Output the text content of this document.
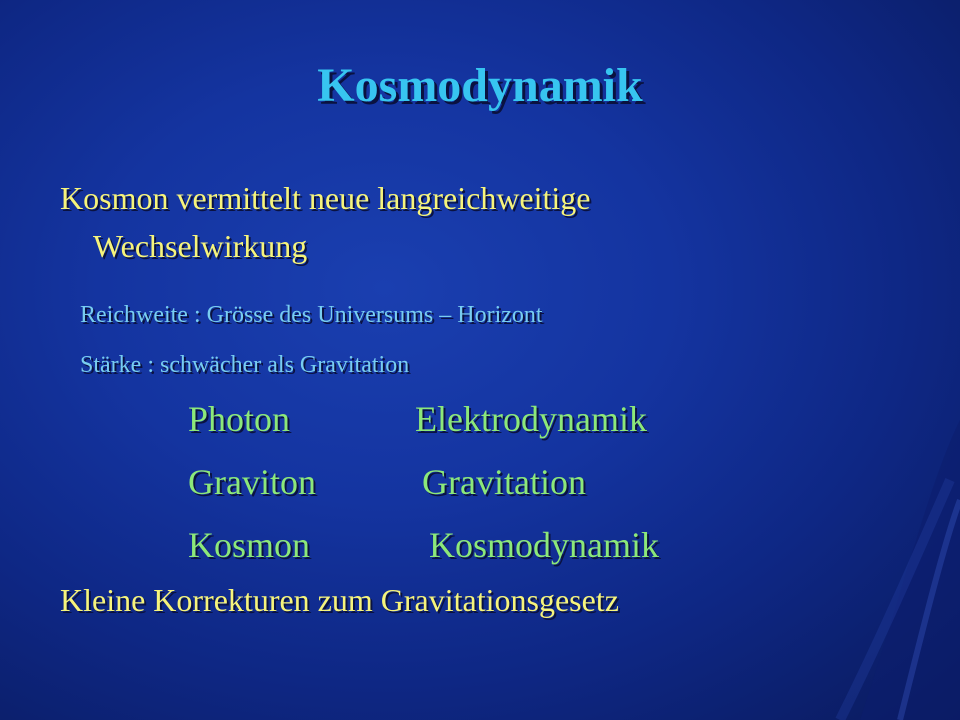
Kosmodynamik

Kosmon vermittelt neue langreichweitige

Wechselwirkung

Reichweite : Grösse des Universums – Horizont

Stärke : schwächer als Gravitation

Photon	Elektrodynamik
Graviton	Gravitation
Kosmon	Kosmodynamik

Kleine Korrekturen zum Gravitationsgesetz
